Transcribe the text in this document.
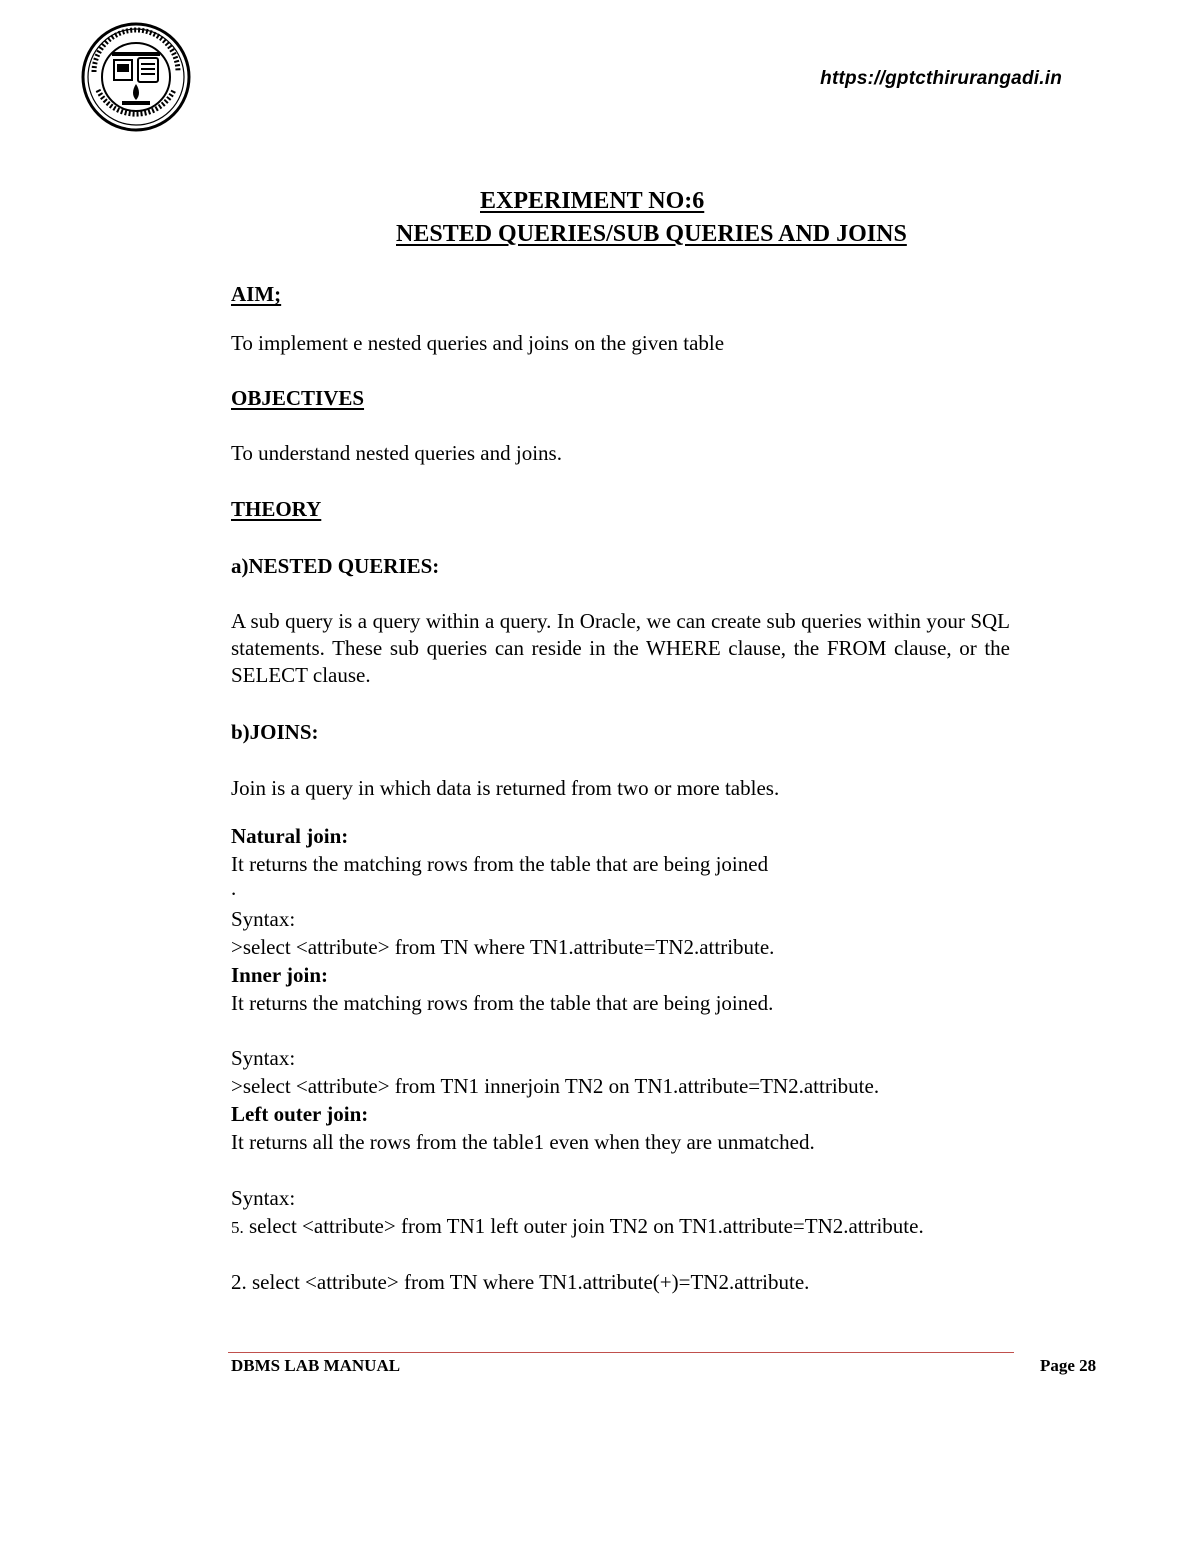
https://gptcthirurangadi.in
EXPERIMENT NO:6
NESTED QUERIES/SUB QUERIES AND JOINS
AIM;
To implement e nested queries and joins on the given table
OBJECTIVES
To understand nested queries and joins.
THEORY
a)NESTED QUERIES:
A sub query is a query within a query. In Oracle, we can create sub queries within your SQL statements. These sub queries can reside in the WHERE clause, the FROM clause, or the SELECT clause.
b)JOINS:
Join is a query in which data is returned from two or more tables.
Natural join:
It returns the matching rows from the table that are being joined
.
Syntax:
>select <attribute> from TN where TN1.attribute=TN2.attribute.
Inner join:
It returns the matching rows from the table that are being joined.
Syntax:
>select <attribute> from TN1 innerjoin TN2 on TN1.attribute=TN2.attribute.
Left outer join:
It returns all the rows from the table1 even when they are unmatched.
Syntax:
5. select <attribute> from TN1 left outer join TN2 on TN1.attribute=TN2.attribute.
2. select <attribute> from TN where TN1.attribute(+)=TN2.attribute.
DBMS LAB MANUAL	Page 28
